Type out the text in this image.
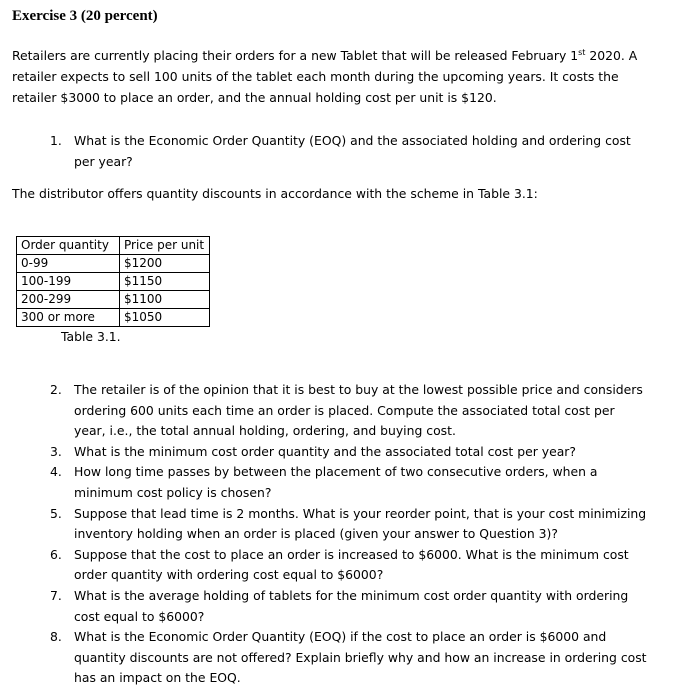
Exercise 3 (20 percent)
Retailers are currently placing their orders for a new Tablet that will be released February 1st 2020. A retailer expects to sell 100 units of the tablet each month during the upcoming years. It costs the retailer $3000 to place an order, and the annual holding cost per unit is $120.
1. What is the Economic Order Quantity (EOQ) and the associated holding and ordering cost per year?
The distributor offers quantity discounts in accordance with the scheme in Table 3.1:
Order quantity	Price per unit
0-99	$1200
100-199	$1150
200-299	$1100
300 or more	$1050
Table 3.1.
2. The retailer is of the opinion that it is best to buy at the lowest possible price and considers ordering 600 units each time an order is placed. Compute the associated total cost per year, i.e., the total annual holding, ordering, and buying cost.
3. What is the minimum cost order quantity and the associated total cost per year?
4. How long time passes by between the placement of two consecutive orders, when a minimum cost policy is chosen?
5. Suppose that lead time is 2 months. What is your reorder point, that is your cost minimizing inventory holding when an order is placed (given your answer to Question 3)?
6. Suppose that the cost to place an order is increased to $6000. What is the minimum cost order quantity with ordering cost equal to $6000?
7. What is the average holding of tablets for the minimum cost order quantity with ordering cost equal to $6000?
8. What is the Economic Order Quantity (EOQ) if the cost to place an order is $6000 and quantity discounts are not offered? Explain briefly why and how an increase in ordering cost has an impact on the EOQ.
